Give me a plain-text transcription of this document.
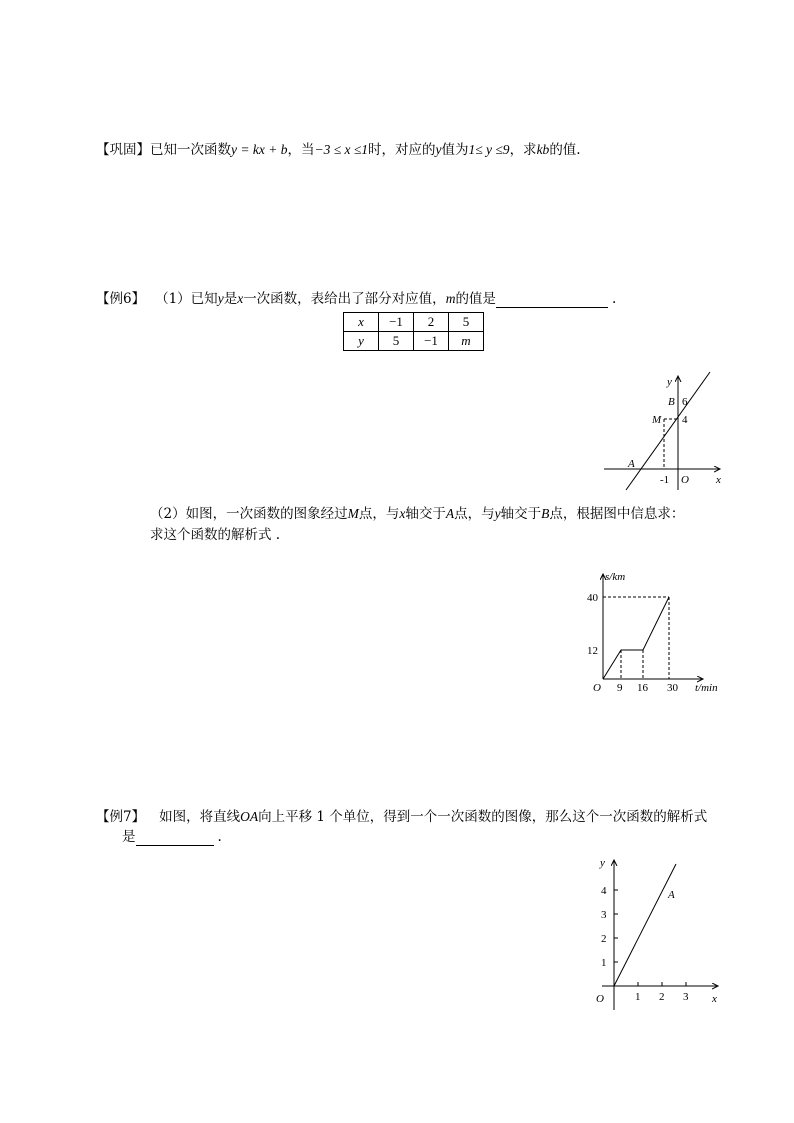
【巩固】已知一次函数y = kx + b，当−3 ≤ x ≤1时，对应的y值为1≤ y ≤9，求kb的值.
【例6】 （1）已知y是x一次函数，表给出了部分对应值，m的值是	.
x	−1	2	5
y	5	−1	m
y
x
O
B 6
M 4
A
-1
（2）如图，一次函数的图象经过M点，与x轴交于A点，与y轴交于B点，根据图中信息求：
求这个函数的解析式 .
s/km
t/min
O
40
12
9 16 30
【例7】 如图，将直线OA向上平移 1 个单位，得到一个一次函数的图像，那么这个一次函数的解析式
是	.
y
x
O
A
4
3
2
1
1 2 3
